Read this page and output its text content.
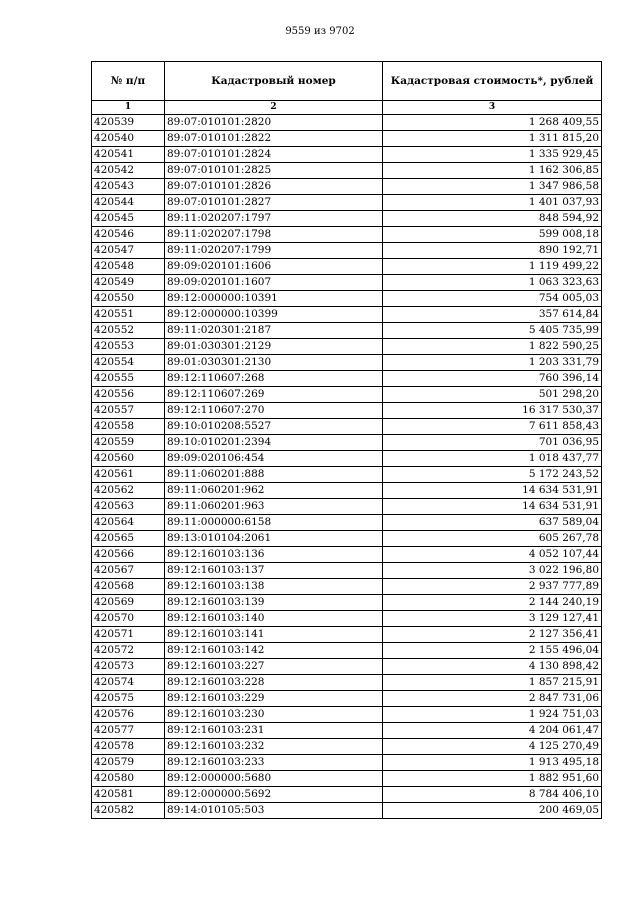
9559 из 9702
№ п/п	Кадастровый номер	Кадастровая стоимость*, рублей
1	2	3
420539	89:07:010101:2820	1 268 409,55
420540	89:07:010101:2822	1 311 815,20
420541	89:07:010101:2824	1 335 929,45
420542	89:07:010101:2825	1 162 306,85
420543	89:07:010101:2826	1 347 986,58
420544	89:07:010101:2827	1 401 037,93
420545	89:11:020207:1797	848 594,92
420546	89:11:020207:1798	599 008,18
420547	89:11:020207:1799	890 192,71
420548	89:09:020101:1606	1 119 499,22
420549	89:09:020101:1607	1 063 323,63
420550	89:12:000000:10391	754 005,03
420551	89:12:000000:10399	357 614,84
420552	89:11:020301:2187	5 405 735,99
420553	89:01:030301:2129	1 822 590,25
420554	89:01:030301:2130	1 203 331,79
420555	89:12:110607:268	760 396,14
420556	89:12:110607:269	501 298,20
420557	89:12:110607:270	16 317 530,37
420558	89:10:010208:5527	7 611 858,43
420559	89:10:010201:2394	701 036,95
420560	89:09:020106:454	1 018 437,77
420561	89:11:060201:888	5 172 243,52
420562	89:11:060201:962	14 634 531,91
420563	89:11:060201:963	14 634 531,91
420564	89:11:000000:6158	637 589,04
420565	89:13:010104:2061	605 267,78
420566	89:12:160103:136	4 052 107,44
420567	89:12:160103:137	3 022 196,80
420568	89:12:160103:138	2 937 777,89
420569	89:12:160103:139	2 144 240,19
420570	89:12:160103:140	3 129 127,41
420571	89:12:160103:141	2 127 356,41
420572	89:12:160103:142	2 155 496,04
420573	89:12:160103:227	4 130 898,42
420574	89:12:160103:228	1 857 215,91
420575	89:12:160103:229	2 847 731,06
420576	89:12:160103:230	1 924 751,03
420577	89:12:160103:231	4 204 061,47
420578	89:12:160103:232	4 125 270,49
420579	89:12:160103:233	1 913 495,18
420580	89:12:000000:5680	1 882 951,60
420581	89:12:000000:5692	8 784 406,10
420582	89:14:010105:503	200 469,05
